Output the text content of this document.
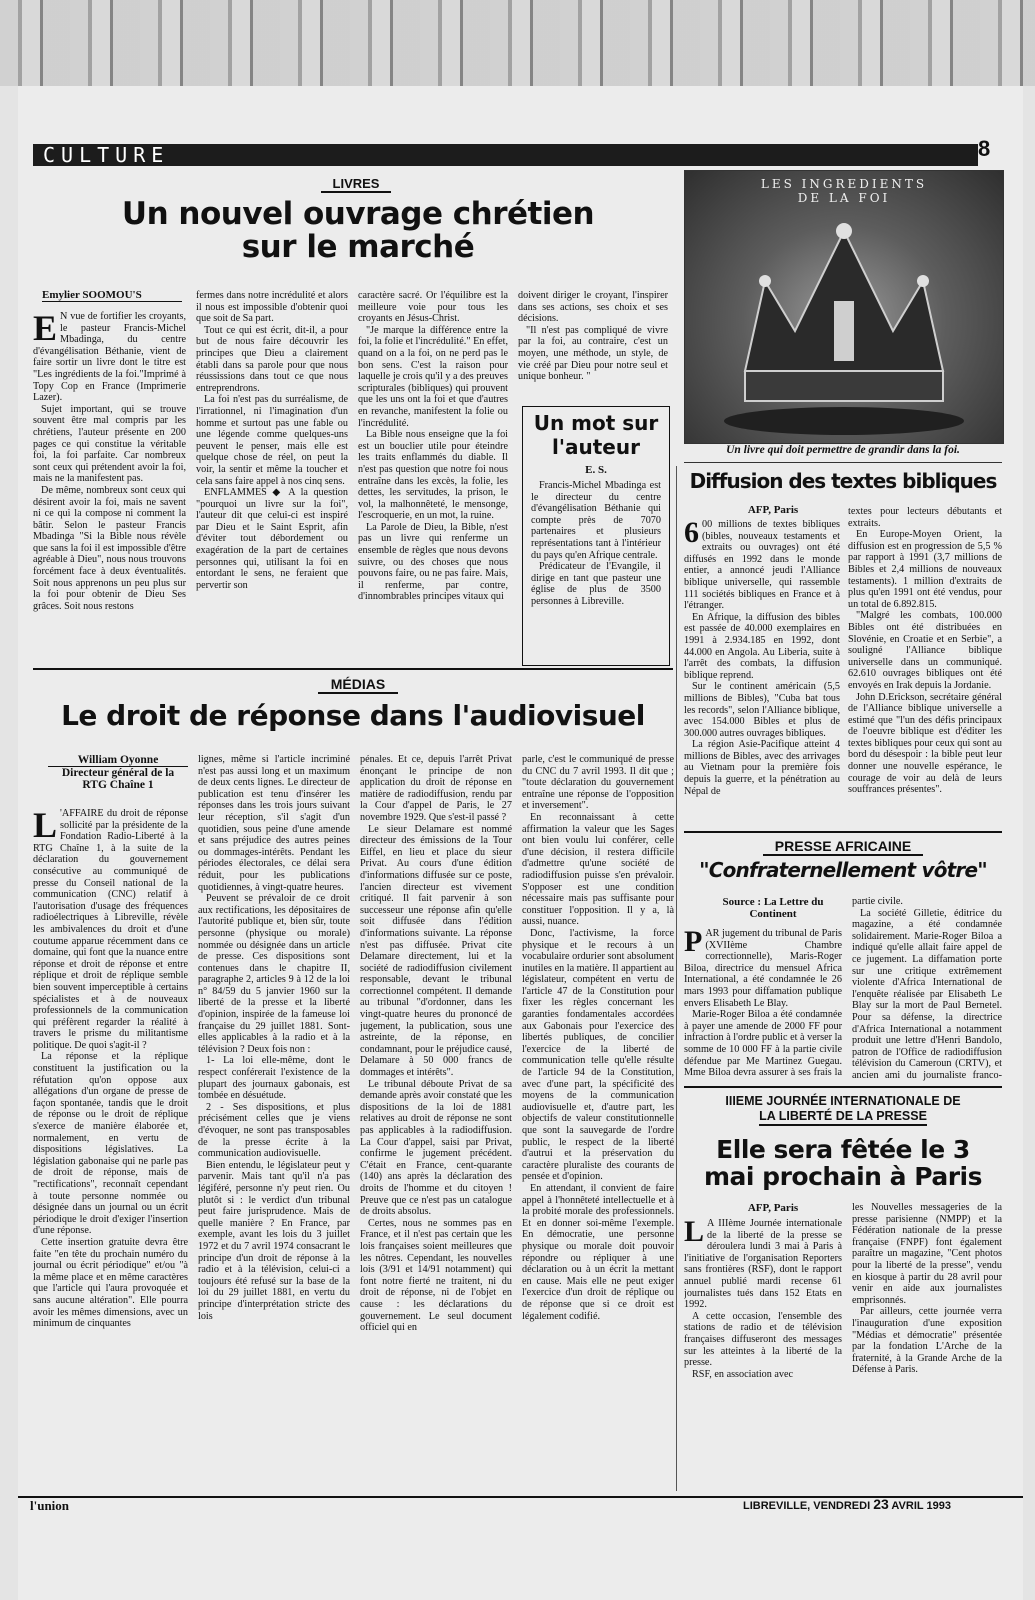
CULTURE	8
LIVRES
Un nouvel ouvrage chrétien
sur le marché
Emylier SOOMOU'S

E N vue de fortifier les croyants, le pasteur Francis-Michel Mbadinga, du centre d'évangélisation Béthanie, vient de faire sortir un livre dont le titre est "Les ingrédients de la foi."Imprimé à Topy Cop en France (Imprimerie Lazer).

Sujet important, qui se trouve souvent être mal compris par les chrétiens, l'auteur présente en 200 pages ce qui constitue la véritable foi, la foi parfaite. Car nombreux sont ceux qui prétendent avoir la foi, mais ne la manifestent pas.

De même, nombreux sont ceux qui désirent avoir la foi, mais ne savent ni ce qui la compose ni comment la bâtir. Selon le pasteur Francis Mbadinga "Si la Bible nous révèle que sans la foi il est impossible d'être agréable à Dieu", nous nous trouvons forcément face à deux éventualités. Soit nous apprenons un peu plus sur la foi pour obtenir de Dieu Ses grâces. Soit nous restons

fermes dans notre incrédulité et alors il nous est impossible d'obtenir quoi que soit de Sa part.

Tout ce qui est écrit, dit-il, a pour but de nous faire découvrir les principes que Dieu a clairement établi dans sa parole pour que nous réussissions dans tout ce que nous entreprendrons.

La foi n'est pas du surréalisme, de l'irrationnel, ni l'imagination d'un homme et surtout pas une fable ou une légende comme quelques-uns peuvent le penser, mais elle est quelque chose de réel, on peut la voir, la sentir et même la toucher et cela sans faire appel à nos cinq sens.

ENFLAMMES ◆ A la question "pourquoi un livre sur la foi", l'auteur dit que celui-ci est inspiré par Dieu et le Saint Esprit, afin d'éviter tout débordement ou exagération de la part de certaines personnes qui, utilisant la foi en entordant le sens, ne feraient que pervertir son

caractère sacré. Or l'équilibre est la meilleure voie pour tous les croyants en Jésus-Christ.

"Je marque la différence entre la foi, la folie et l'incrédulité." En effet, quand on a la foi, on ne perd pas le bon sens. C'est la raison pour laquelle je crois qu'il y a des preuves scripturales (bibliques) qui prouvent que les uns ont la foi et que d'autres en revanche, manifestent la folie ou l'incrédulité.

La Bible nous enseigne que la foi est un bouclier utile pour éteindre les traits enflammés du diable. Il n'est pas question que notre foi nous entraîne dans les excès, la folie, les dettes, les servitudes, la prison, le vol, la malhonnêteté, le mensonge, l'escroquerie, en un mot, la ruine.

La Parole de Dieu, la Bible, n'est pas un livre qui renferme un ensemble de règles que nous devons suivre, ou des choses que nous pouvons faire, ou ne pas faire. Mais, il renferme, par contre, d'innombrables principes vitaux qui

doivent diriger le croyant, l'inspirer dans ses actions, ses choix et ses décisions.

"Il n'est pas compliqué de vivre par la foi, au contraire, c'est un moyen, une méthode, un style, de vie créé par Dieu pour notre seul et unique bonheur. "

Un mot sur
l'auteur
E. S.

Francis-Michel Mbadinga est le directeur du centre d'évangélisation Béthanie qui compte près de 7070 partenaires et plusieurs représentations tant à l'intérieur du pays qu'en Afrique centrale.

Prédicateur de l'Evangile, il dirige en tant que pasteur une église de plus de 3500 personnes à Libreville.

LES INGREDIENTS
DE LA FOI
Un livre qui doit permettre de grandir dans la foi.
Diffusion des textes bibliques
AFP, Paris

6 00 millions de textes bibliques (bibles, nouveaux testaments et extraits ou ouvrages) ont été diffusés en 1992 dans le monde entier, a annoncé jeudi l'Alliance biblique universelle, qui rassemble 111 sociétés bibliques en France et à l'étranger.

En Afrique, la diffusion des bibles est passée de 40.000 exemplaires en 1991 à 2.934.185 en 1992, dont 44.000 en Angola. Au Liberia, suite à l'arrêt des combats, la diffusion biblique reprend.

Sur le continent américain (5,5 millions de Bibles), "Cuba bat tous les records", selon l'Alliance biblique, avec 154.000 Bibles et plus de 300.000 autres ouvrages bibliques.

La région Asie-Pacifique atteint 4 millions de Bibles, avec des arrivages au Vietnam pour la première fois depuis la guerre, et la pénétration au Népal de

textes pour lecteurs débutants et extraits.

En Europe-Moyen Orient, la diffusion est en progression de 5,5 % par rapport à 1991 (3,7 millions de Bibles et 2,4 millions de nouveaux testaments). 1 million d'extraits de plus qu'en 1991 ont été vendus, pour un total de 6.892.815.

"Malgré les combats, 100.000 Bibles ont été distribuées en Slovénie, en Croatie et en Serbie", a souligné l'Alliance biblique universelle dans un communiqué. 62.610 ouvrages bibliques ont été envoyés en Irak depuis la Jordanie.

John D.Erickson, secrétaire général de l'Alliance biblique universelle a estimé que "l'un des défis principaux de l'oeuvre biblique est d'éditer les textes bibliques pour ceux qui sont au bord du désespoir : la bible peut leur donner une nouvelle espérance, le courage de voir au delà de leurs souffrances présentes".

MÉDIAS
Le droit de réponse dans l'audiovisuel
William Oyonne
Directeur général de la
RTG Chaîne 1

L 'AFFAIRE du droit de réponse sollicité par la présidente de la Fondation Radio-Liberté à la RTG Chaîne 1, à la suite de la déclaration du gouvernement consécutive au communiqué de presse du Conseil national de la communication (CNC) relatif à l'autorisation d'usage des fréquences radioélectriques à Libreville, révèle les ambivalences du droit et d'une coutume apparue récemment dans ce domaine, qui font que la nuance entre réponse et droit de réponse et entre réplique et droit de réplique semble bien souvent imperceptible à certains spécialistes et à de nouveaux professionnels de la communication qui préfèrent regarder la réalité à travers le prisme du militantisme politique. De quoi s'agit-il ?

La réponse et la réplique constituent la justification ou la réfutation qu'on oppose aux allégations d'un organe de presse de façon spontanée, tandis que le droit de réponse ou le droit de réplique s'exerce de manière élaborée et, normalement, en vertu de dispositions législatives. La législation gabonaise qui ne parle pas de droit de réponse, mais de "rectifications", reconnaît cependant à toute personne nommée ou désignée dans un journal ou un écrit périodique le droit d'exiger l'insertion d'une réponse.

Cette insertion gratuite devra être faite "en tête du prochain numéro du journal ou écrit périodique" et/ou "à la même place et en même caractères que l'article qui l'aura provoquée et sans aucune altération". Elle pourra avoir les mêmes dimensions, avec un minimum de cinquantes

lignes, même si l'article incriminé n'est pas aussi long et un maximum de deux cents lignes. Le directeur de publication est tenu d'insérer les réponses dans les trois jours suivant leur réception, s'il s'agit d'un quotidien, sous peine d'une amende et sans préjudice des autres peines ou dommages-intérêts. Pendant les périodes électorales, ce délai sera réduit, pour les publications quotidiennes, à vingt-quatre heures.

Peuvent se prévaloir de ce droit aux rectifications, les dépositaires de l'autorité publique et, bien sûr, toute personne (physique ou morale) nommée ou désignée dans un article de presse. Ces dispositions sont contenues dans le chapitre II, paragraphe 2, articles 9 à 12 de la loi n° 84/59 du 5 janvier 1960 sur la liberté de la presse et la liberté d'opinion, inspirée de la fameuse loi française du 29 juillet 1881. Sont-elles applicables à la radio et à la télévision ? Deux fois non :

1- La loi elle-même, dont le respect conférerait l'existence de la plupart des journaux gabonais, est tombée en désuétude.

2 - Ses dispositions, et plus précisément celles que je viens d'évoquer, ne sont pas transposables de la presse écrite à la communication audiovisuelle.

Bien entendu, le législateur peut y parvenir. Mais tant qu'il n'a pas légiféré, personne n'y peut rien. Ou plutôt si : le verdict d'un tribunal peut faire jurisprudence. Mais de quelle manière ? En France, par exemple, avant les lois du 3 juillet 1972 et du 7 avril 1974 consacrant le principe d'un droit de réponse à la radio et à la télévision, celui-ci a toujours été refusé sur la base de la loi du 29 juillet 1881, en vertu du principe d'interprétation stricte des lois

pénales. Et ce, depuis l'arrêt Privat énonçant le principe de non application du droit de réponse en matière de radiodiffusion, rendu par la Cour d'appel de Paris, le 27 novembre 1929. Que s'est-il passé ?

Le sieur Delamare est nommé directeur des émissions de la Tour Eiffel, en lieu et place du sieur Privat. Au cours d'une édition d'informations diffusée sur ce poste, l'ancien directeur est vivement critiqué. Il fait parvenir à son successeur une réponse afin qu'elle soit diffusée dans l'édition d'informations suivante. La réponse n'est pas diffusée. Privat cite Delamare directement, lui et la société de radiodiffusion civilement responsable, devant le tribunal correctionnel compétent. Il demande au tribunal "d'ordonner, dans les vingt-quatre heures du prononcé de jugement, la publication, sous une astreinte, de la réponse, en condamnant, pour le préjudice causé, Delamare à 50 000 francs de dommages et intérêts".

Le tribunal déboute Privat de sa demande après avoir constaté que les dispositions de la loi de 1881 relatives au droit de réponse ne sont pas applicables à la radiodiffusion. La Cour d'appel, saisi par Privat, confirme le jugement précédent. C'était en France, cent-quarante (140) ans après la déclaration des droits de l'homme et du citoyen ! Preuve que ce n'est pas un catalogue de droits absolus.

Certes, nous ne sommes pas en France, et il n'est pas certain que les lois françaises soient meilleures que les nôtres. Cependant, les nouvelles lois (3/91 et 14/91 notamment) qui font notre fierté ne traitent, ni du droit de réponse, ni de l'objet en cause : les déclarations du gouvernement. Le seul document officiel qui en

parle, c'est le communiqué de presse du CNC du 7 avril 1993. Il dit que ; "toute déclaration du gouvernement entraîne une réponse de l'opposition et inversement".

En reconnaissant à cette affirmation la valeur que les Sages ont bien voulu lui conférer, celle d'une décision, il restera difficile d'admettre qu'une société de radiodiffusion puisse s'en prévaloir. S'opposer est une condition nécessaire mais pas suffisante pour constituer l'opposition. Il y a, là aussi, nuance.

Donc, l'activisme, la force physique et le recours à un vocabulaire ordurier sont absolument inutiles en la matière. Il appartient au législateur, compétent en vertu de l'article 47 de la Constitution pour fixer les règles concernant les garanties fondamentales accordées aux Gabonais pour l'exercice des libertés publiques, de concilier l'exercice de la liberté de communication telle qu'elle résulte de l'article 94 de la Constitution, avec d'une part, la spécificité des moyens de la communication audiovisuelle et, d'autre part, les objectifs de valeur constitutionnelle que sont la sauvegarde de l'ordre public, le respect de la liberté d'autrui et la préservation du caractère pluraliste des courants de pensée et d'opinion.

En attendant, il convient de faire appel à l'honnêteté intellectuelle et à la probité morale des professionnels. Et en donner soi-même l'exemple. En démocratie, une personne physique ou morale doit pouvoir répondre ou répliquer à une déclaration ou à un écrit la mettant en cause. Mais elle ne peut exiger l'exercice d'un droit de réplique ou de réponse que si ce droit est légalement codifié.

PRESSE AFRICAINE
"Confraternellement vôtre"
Source : La Lettre du
Continent

PAR jugement du tribunal de Paris (XVIIème Chambre correctionnelle), Maris-Roger Biloa, directrice du mensuel Africa International, a été condamnée le 26 mars 1993 pour diffamation publique envers Elisabeth Le Blay.

Marie-Roger Biloa a été condamnée à payer une amende de 2000 FF pour infraction à l'ordre public et à verser la somme de 10 000 FF à la partie civile défendue par Me Martinez Guegau. Mme Biloa devra assurer à ses frais la

partie civile.

La société Gilletie, éditrice du magazine, a été condamnée solidairement. Marie-Roger Biloa a indiqué qu'elle allait faire appel de ce jugement. La diffamation porte sur une critique extrêmement violente d'Africa International de l'enquête réalisée par Elisabeth Le Blay sur la mort de Paul Bernetel. Pour sa défense, la directrice d'Africa International a notamment produit une lettre d'Henri Bandolo, patron de l'Office de radiodiffusion télévision du Cameroun (CRTV), et ancien ami du journaliste franco-

IIIEME JOURNÉE INTERNATIONALE DE
LA LIBERTÉ DE LA PRESSE
Elle sera fêtée le 3
mai prochain à Paris
AFP, Paris

L A IIIème Journée internationale de la liberté de la presse se déroulera lundi 3 mai à Paris à l'initiative de l'organisation Reporters sans frontières (RSF), dont le rapport annuel publié mardi recense 61 journalistes tués dans 152 Etats en 1992.

A cette occasion, l'ensemble des stations de radio et de télévision françaises diffuseront des messages sur les atteintes à la liberté de la presse.

RSF, en association avec

les Nouvelles messageries de la presse parisienne (NMPP) et la Fédération nationale de la presse française (FNPF) font également paraître un magazine, "Cent photos pour la liberté de la presse", vendu en kiosque à partir du 28 avril pour venir en aide aux journalistes emprisonnés.

Par ailleurs, cette journée verra l'inauguration d'une exposition "Médias et démocratie" présentée par la fondation L'Arche de la fraternité, à la Grande Arche de la Défense à Paris.

l'union	LIBREVILLE, VENDREDI 23 AVRIL 1993
